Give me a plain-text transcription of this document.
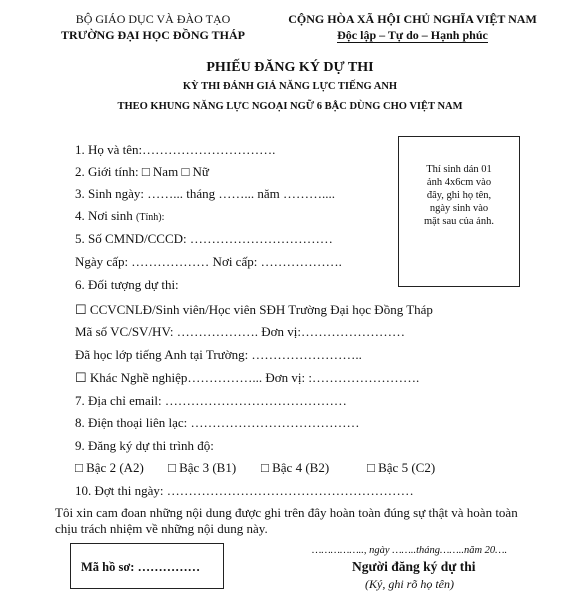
BỘ GIÁO DỤC VÀ ĐÀO TẠO
TRƯỜNG ĐẠI HỌC ĐỒNG THÁP
CỘNG HÒA XÃ HỘI CHỦ NGHĨA VIỆT NAM
Độc lập – Tự do – Hạnh phúc
PHIẾU ĐĂNG KÝ DỰ THI
KỲ THI ĐÁNH GIÁ NĂNG LỰC TIẾNG ANH
THEO KHUNG NĂNG LỰC NGOẠI NGỮ 6 BẬC DÙNG CHO VIỆT NAM
Thí sinh dán 01
ảnh 4x6cm vào
đây, ghi họ tên,
ngày sinh vào
mặt sau của ảnh.
1. Họ và tên:………………………….
2. Giới tính: □ Nam □ Nữ
3. Sinh ngày: ……... tháng ……... năm ………....
4. Nơi sinh (Tỉnh):
5. Số CMND/CCCD: ……………………………
Ngày cấp: ……………… Nơi cấp: ……………….
6. Đối tượng dự thi:
☐ CCVCNLĐ/Sinh viên/Học viên SĐH Trường Đại học Đồng Tháp
Mã số VC/SV/HV: ………………. Đơn vị:……………………
Đã học lớp tiếng Anh tại Trường: ……………………..
☐ Khác Nghề nghiệp……………... Đơn vị: :…………………….
7. Địa chỉ email: ……………………………………
8. Điện thoại liên lạc: …………………………………
9. Đăng ký dự thi trình độ:
□ Bậc 2 (A2) □ Bậc 3 (B1) □ Bậc 4 (B2)	□ Bậc 5 (C2)
10. Đợt thi ngày: …………………………………………………
Tôi xin cam đoan những nội dung được ghi trên đây hoàn toàn đúng sự thật và hoàn toàn chịu trách nhiệm về những nội dung này.
Mã hồ sơ: ……………
…………….., ngày ……..tháng……..năm 20….
Người đăng ký dự thi
(Ký, ghi rõ họ tên)
